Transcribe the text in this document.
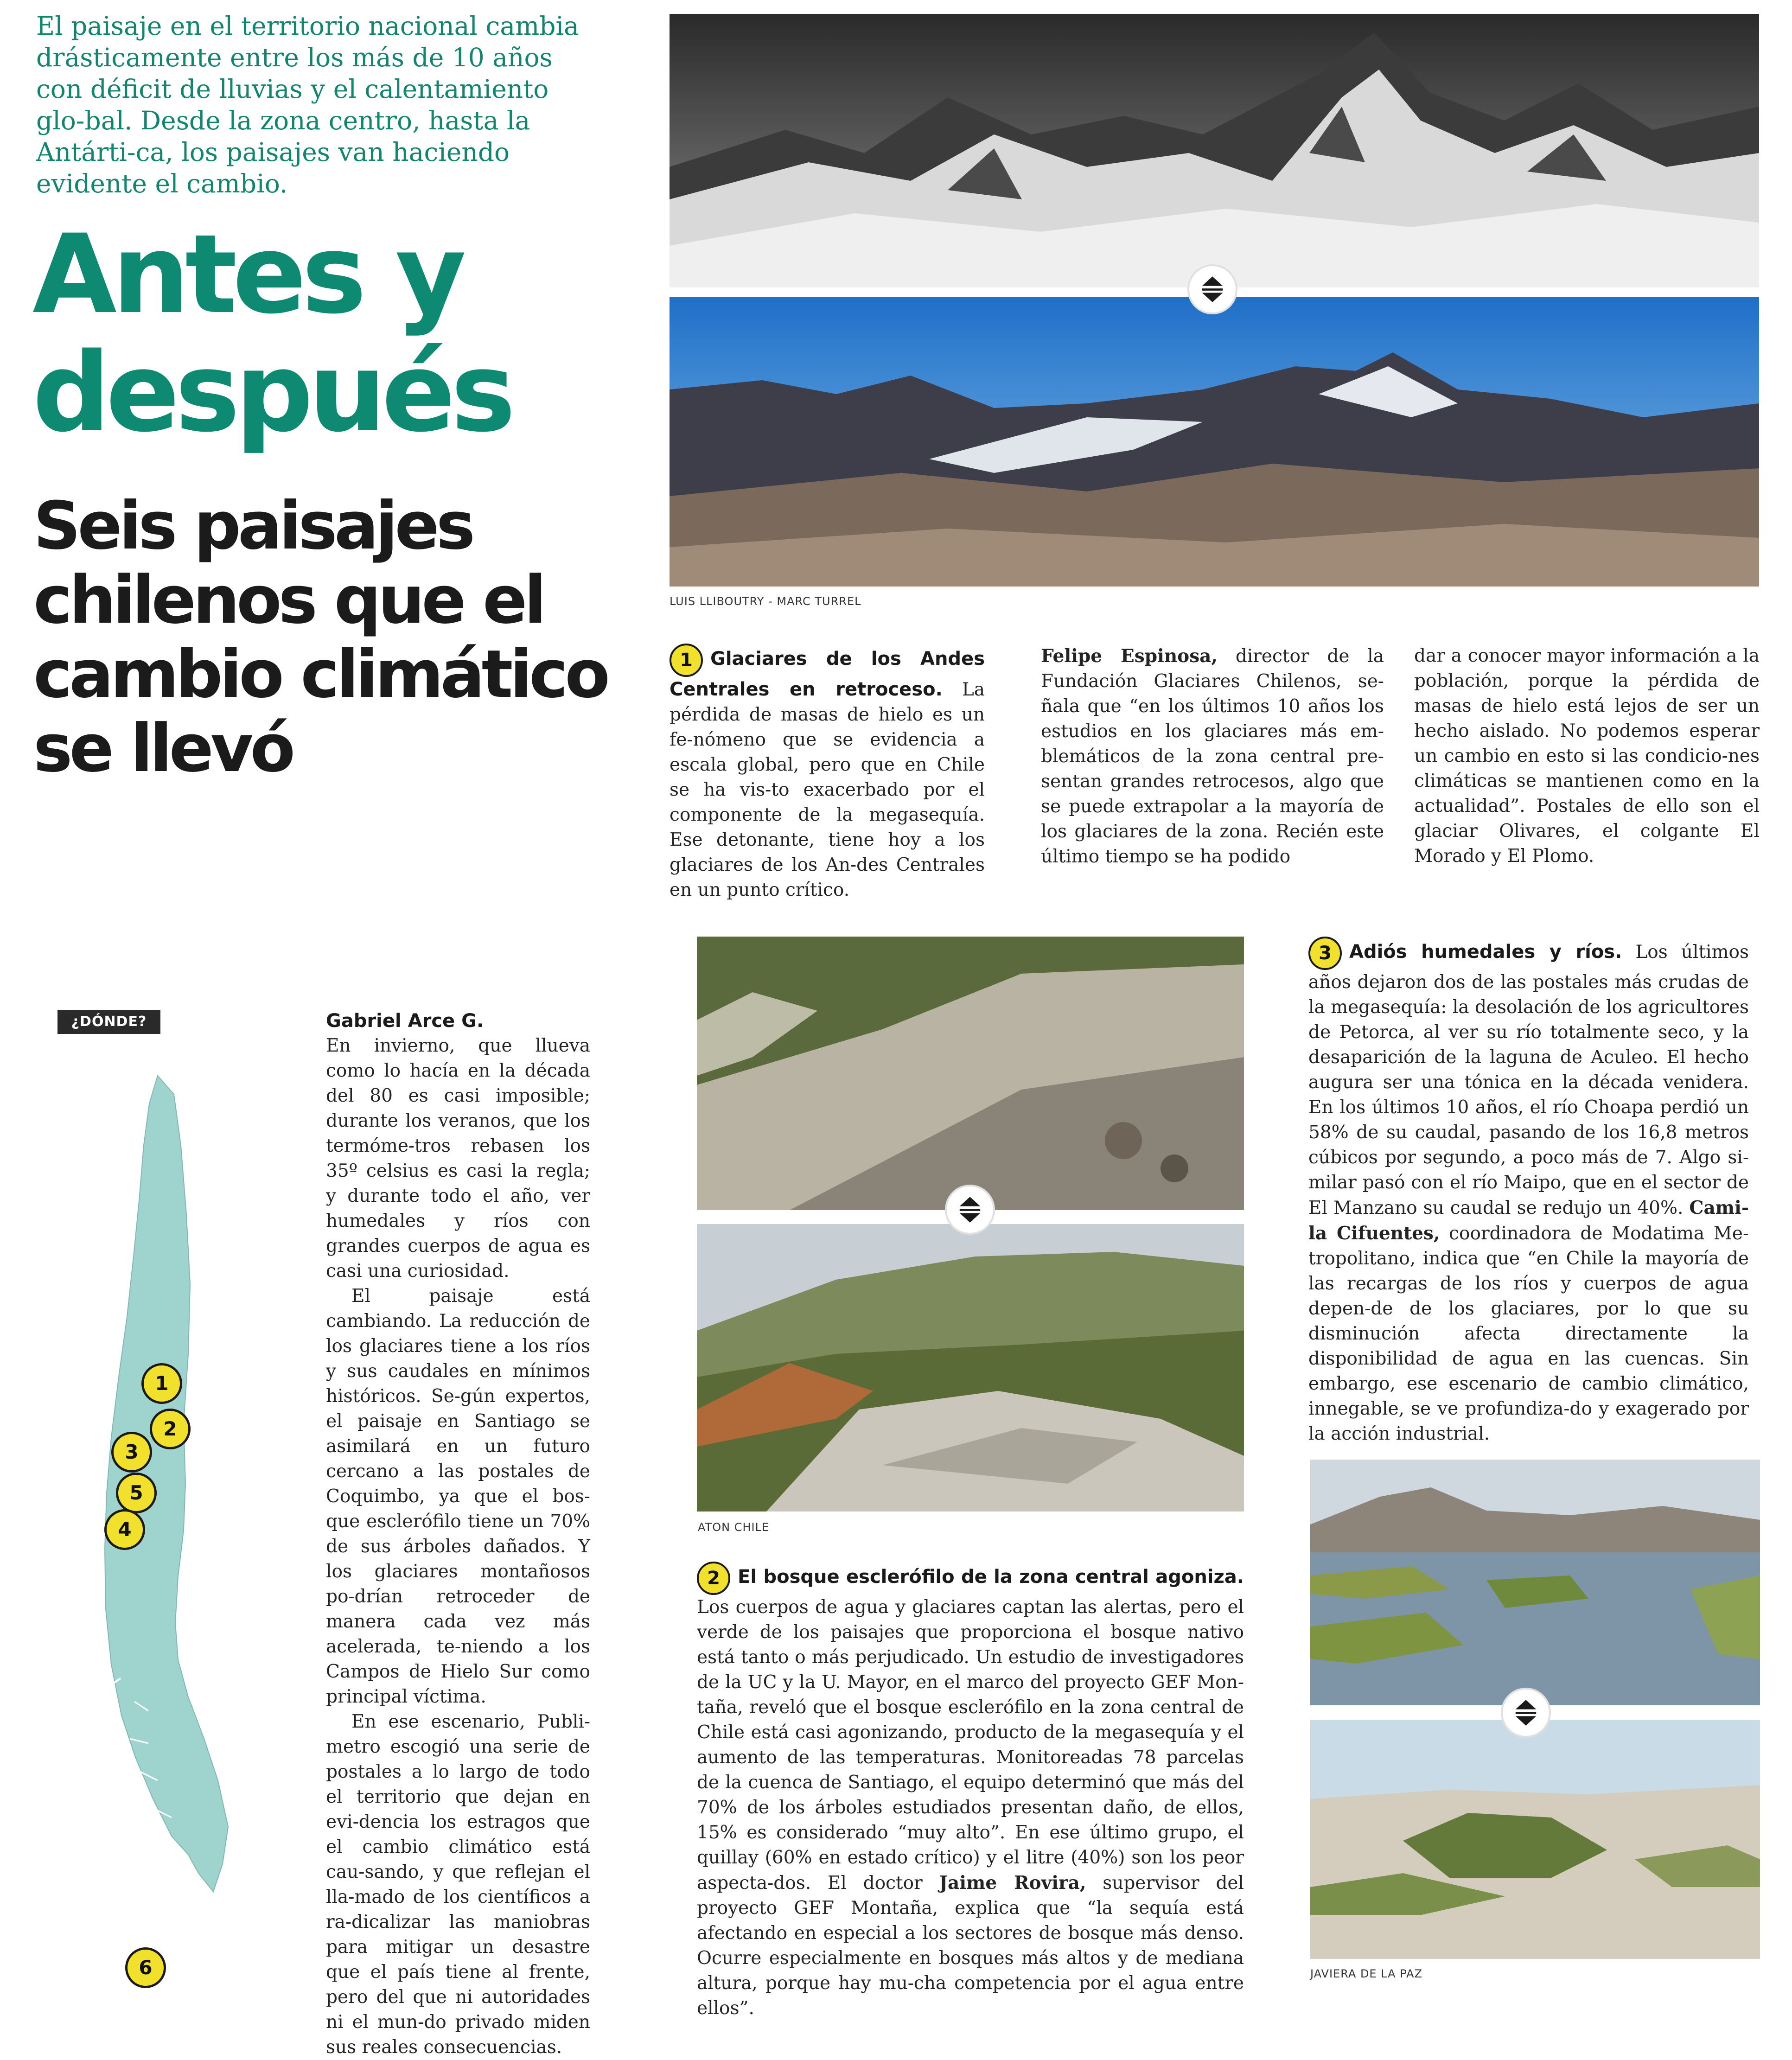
El paisaje en el territorio nacional cambia drásticamente entre los más de 10 años con déficit de lluvias y el calentamiento glo-bal. Desde la zona centro, hasta la Antárti-ca, los paisajes van haciendo evidente el cambio.
Antes y
después
Seis paisajes chilenos que el cambio climático se llevó
LUIS LLIBOUTRY - MARC TURREL
1 Glaciares de los Andes Centrales en retroceso. La pérdida de masas de hielo es un fe-nómeno que se evidencia a escala global, pero que en Chile se ha vis-to exacerbado por el componente de la megasequía. Ese detonante, tiene hoy a los glaciares de los An-des Centrales en un punto crítico.
Felipe Espinosa, director de la Fundación Glaciares Chilenos, se-ñala que “en los últimos 10 años los estudios en los glaciares más em-blemáticos de la zona central pre-sentan grandes retrocesos, algo que se puede extrapolar a la mayoría de los glaciares de la zona. Recién este último tiempo se ha podido
dar a conocer mayor información a la población, porque la pérdida de masas de hielo está lejos de ser un hecho aislado. No podemos esperar un cambio en esto si las condicio-nes climáticas se mantienen como en la actualidad”. Postales de ello son el glaciar Olivares, el colgante El Morado y El Plomo.
¿DÓNDE?
1
2
3
5
4
6
Gabriel Arce G.

En invierno, que llueva como lo hacía en la década del 80 es casi imposible; durante los veranos, que los termóme-tros rebasen los 35º celsius es casi la regla; y durante todo el año, ver humedales y ríos con grandes cuerpos de agua es casi una curiosidad.

El paisaje está cambiando. La reducción de los glaciares tiene a los ríos y sus caudales en mínimos históricos. Se-gún expertos, el paisaje en Santiago se asimilará en un futuro cercano a las postales de Coquimbo, ya que el bos-que esclerófilo tiene un 70% de sus árboles dañados. Y los glaciares montañosos po-drían retroceder de manera cada vez más acelerada, te-niendo a los Campos de Hielo Sur como principal víctima.

En ese escenario, Publi-metro escogió una serie de postales a lo largo de todo el territorio que dejan en evi-dencia los estragos que el cambio climático está cau-sando, y que reflejan el lla-mado de los científicos a ra-dicalizar las maniobras para mitigar un desastre que el país tiene al frente, pero del que ni autoridades ni el mun-do privado miden sus reales consecuencias.

ATON CHILE
2 El bosque esclerófilo de la zona central agoniza. Los cuerpos de agua y glaciares captan las alertas, pero el verde de los paisajes que proporciona el bosque nativo está tanto o más perjudicado. Un estudio de investigadores de la UC y la U. Mayor, en el marco del proyecto GEF Mon-taña, reveló que el bosque esclerófilo en la zona central de Chile está casi agonizando, producto de la megasequía y el aumento de las temperaturas. Monitoreadas 78 parcelas de la cuenca de Santiago, el equipo determinó que más del 70% de los árboles estudiados presentan daño, de ellos, 15% es considerado “muy alto”. En ese último grupo, el quillay (60% en estado crítico) y el litre (40%) son los peor aspecta-dos. El doctor Jaime Rovira, supervisor del proyecto GEF Montaña, explica que “la sequía está afectando en especial a los sectores de bosque más denso. Ocurre especialmente en bosques más altos y de mediana altura, porque hay mu-cha competencia por el agua entre ellos”.
3 Adiós humedales y ríos. Los últimos años dejaron dos de las postales más crudas de la megasequía: la desolación de los agricultores de Petorca, al ver su río totalmente seco, y la desaparición de la laguna de Aculeo. El hecho augura ser una tónica en la década venidera. En los últimos 10 años, el río Choapa perdió un 58% de su caudal, pasando de los 16,8 metros cúbicos por segundo, a poco más de 7. Algo si-milar pasó con el río Maipo, que en el sector de El Manzano su caudal se redujo un 40%. Cami-la Cifuentes, coordinadora de Modatima Me-tropolitano, indica que “en Chile la mayoría de las recargas de los ríos y cuerpos de agua depen-de de los glaciares, por lo que su disminución afecta directamente la disponibilidad de agua en las cuencas. Sin embargo, ese escenario de cambio climático, innegable, se ve profundiza-do y exagerado por la acción industrial.
JAVIERA DE LA PAZ
